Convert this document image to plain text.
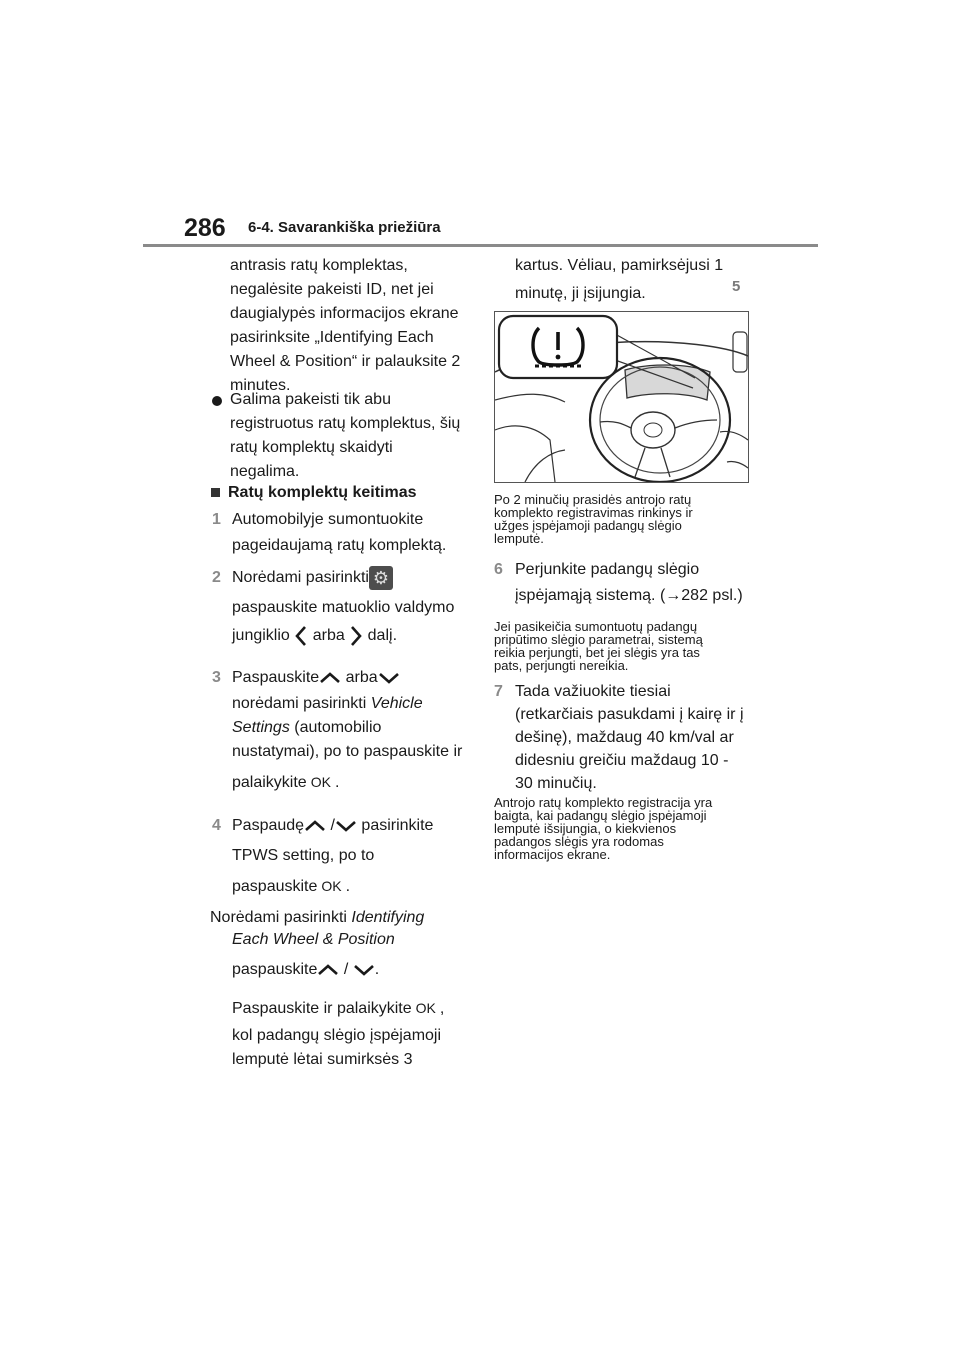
286 6-4. Savarankiška priežiūra
5
antrasis ratų komplektas,
negalėsite pakeisti ID, net jei
daugialypės informacijos ekrane
pasirinksite „Identifying Each
Wheel & Position“ ir palauksite 2
minutes.
Galima pakeisti tik abu
registruotus ratų komplektus, šių
ratų komplektų skaidyti
negalima.
Ratų komplektų keitimas
1 Automobilyje sumontuokite
pageidaujamą ratų komplektą.
2 Norėdami pasirinkti ⚙
paspauskite matuoklio valdymo
jungiklio arba dalį.
3 Paspauskite arba
norėdami pasirinkti Vehicle
Settings (automobilio
nustatymai), po to paspauskite ir
palaikykite OK .
4 Paspaudę / pasirinkite
TPWS setting, po to
paspauskite OK .
Norėdami pasirinkti Identifying
Each Wheel & Position
paspauskite / .
Paspauskite ir palaikykite OK ,
kol padangų slėgio įspėjamoji
lemputė lėtai sumirksės 3
kartus. Vėliau, pamirksėjusi 1
minutę, ji įsijungia.
Po 2 minučių prasidės antrojo ratų
komplekto registravimas rinkinys ir
užges įspėjamoji padangų slėgio
lemputė.
6 Perjunkite padangų slėgio
įspėjamąją sistemą. (→282 psl.)
Jei pasikeičia sumontuotų padangų
pripūtimo slėgio parametrai, sistemą
reikia perjungti, bet jei slėgis yra tas
pats, perjungti nereikia.
7 Tada važiuokite tiesiai
(retkarčiais pasukdami į kairę ir į
dešinę), maždaug 40 km/val ar
didesniu greičiu maždaug 10 -
30 minučių.
Antrojo ratų komplekto registracija yra
baigta, kai padangų slėgio įspėjamoji
lemputė išsijungia, o kiekvienos
padangos slėgis yra rodomas
informacijos ekrane.
